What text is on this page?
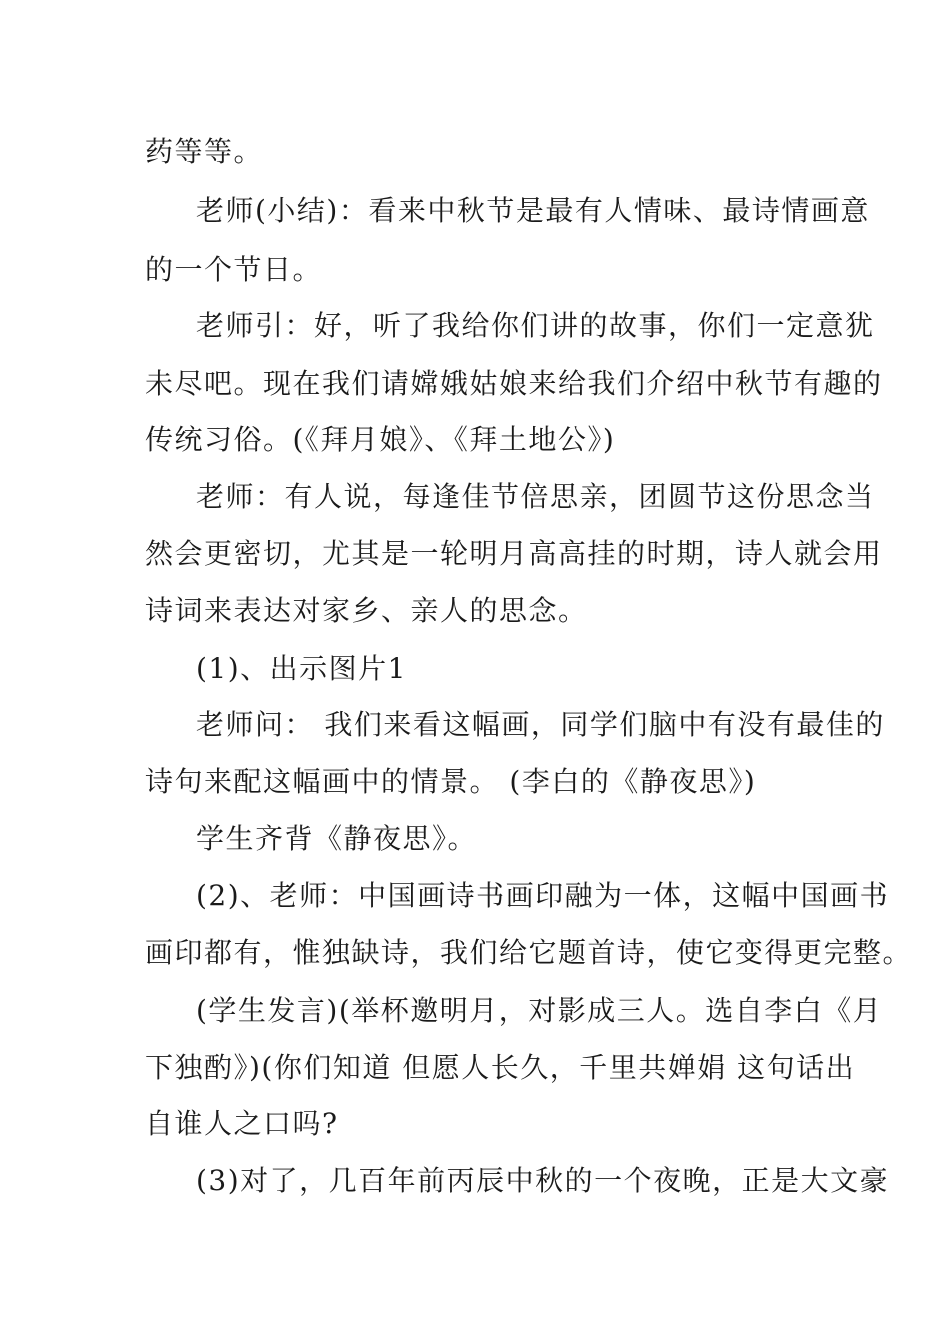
药等等。
老师(小结)：看来中秋节是最有人情味、最诗情画意
的一个节日。
老师引：好，听了我给你们讲的故事，你们一定意犹
未尽吧。现在我们请嫦娥姑娘来给我们介绍中秋节有趣的
传统习俗。(《拜月娘》、《拜土地公》)
老师：有人说，每逢佳节倍思亲，团圆节这份思念当
然会更密切，尤其是一轮明月高高挂的时期，诗人就会用
诗词来表达对家乡、亲人的思念。
(1)、出示图片1
老师问： 我们来看这幅画，同学们脑中有没有最佳的
诗句来配这幅画中的情景。 (李白的《静夜思》)
学生齐背《静夜思》。
(2)、老师：中国画诗书画印融为一体，这幅中国画书
画印都有，惟独缺诗，我们给它题首诗，使它变得更完整。
(学生发言)(举杯邀明月，对影成三人。选自李白《月
下独酌》)(你们知道 但愿人长久，千里共婵娟 这句话出
自谁人之口吗?
(3)对了，几百年前丙辰中秋的一个夜晚，正是大文豪
